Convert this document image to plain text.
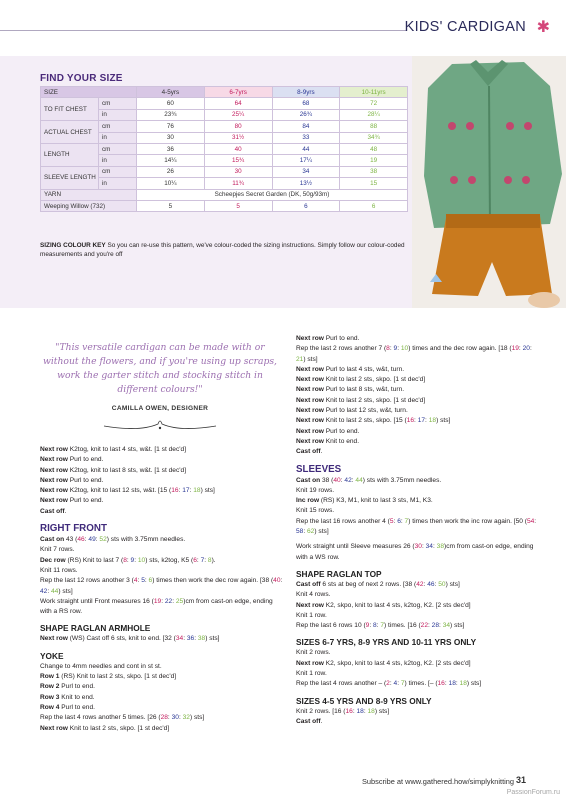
KIDS' CARDIGAN ✱
FIND YOUR SIZE
SIZE		4-5yrs	6-7yrs	8-9yrs	10-11yrs
TO FIT CHEST	cm	60	64	68	72
	in	23¾	25¼	26¾	28¼
ACTUAL CHEST	cm	76	80	84	88
	in	30	31½	33	34¾
LENGTH	cm	36	40	44	48
	in	14¼	15¾	17¼	19
SLEEVE LENGTH	cm	26	30	34	38
	in	10¼	11¾	13½	15
YARN		Scheepjes Secret Garden (DK, 50g/93m)			
Weeping Willow (732)		5	5	6	6
SIZING COLOUR KEY So you can re-use this pattern, we've colour-coded the sizing instructions. Simply follow our colour-coded measurements and you're off
"This versatile cardigan can be made with or without the flowers, and if you're using up scraps, work the garter stitch and stocking stitch in different colours!"
CAMILLA OWEN, DESIGNER

Next row K2tog, knit to last 4 sts, w&t. [1 st dec'd]

Next row Purl to end.

Next row K2tog, knit to last 8 sts, w&t. [1 st dec'd]

Next row Purl to end.

Next row K2tog, knit to last 12 sts, w&t. [15 (16: 17: 18) sts]

Next row Purl to end.

Cast off.

RIGHT FRONT

Cast on 43 (46: 49: 52) sts with 3.75mm needles.

Knit 7 rows.

Dec row (RS) Knit to last 7 (8: 9: 10) sts, k2tog, K5 (6: 7: 8).

Knit 11 rows.

Rep the last 12 rows another 3 (4: 5: 6) times then work the dec row again. [38 (40: 42: 44) sts]

Work straight until Front measures 16 (19: 22: 25)cm from cast-on edge, ending with a RS row.

SHAPE RAGLAN ARMHOLE

Next row (WS) Cast off 6 sts, knit to end. [32 (34: 36: 38) sts]

YOKE

Change to 4mm needles and cont in st st.

Row 1 (RS) Knit to last 2 sts, skpo. [1 st dec'd]

Row 2 Purl to end.

Row 3 Knit to end.

Row 4 Purl to end.

Rep the last 4 rows another 5 times. [26 (28: 30: 32) sts]

Next row Knit to last 2 sts, skpo. [1 st dec'd]

Next row Purl to end.

Rep the last 2 rows another 7 (8: 9: 10) times and the dec row again. [18 (19: 20: 21) sts]

Next row Purl to last 4 sts, w&t, turn.

Next row Knit to last 2 sts, skpo. [1 st dec'd]

Next row Purl to last 8 sts, w&t, turn.

Next row Knit to last 2 sts, skpo. [1 st dec'd]

Next row Purl to last 12 sts, w&t, turn.

Next row Knit to last 2 sts, skpo. [15 (16: 17: 18) sts]

Next row Purl to end.

Next row Knit to end.

Cast off.

SLEEVES

Cast on 38 (40: 42: 44) sts with 3.75mm needles.

Knit 19 rows.

Inc row (RS) K3, M1, knit to last 3 sts, M1, K3.

Knit 15 rows.

Rep the last 16 rows another 4 (5: 6: 7) times then work the inc row again. [50 (54: 58: 62) sts]

Work straight until Sleeve measures 26 (30: 34: 38)cm from cast-on edge, ending with a WS row.

SHAPE RAGLAN TOP

Cast off 6 sts at beg of next 2 rows. [38 (42: 46: 50) sts]

Knit 4 rows.

Next row K2, skpo, knit to last 4 sts, k2tog, K2. [2 sts dec'd]

Knit 1 row.

Rep the last 6 rows 10 (9: 8: 7) times. [16 (22: 28: 34) sts]

SIZES 6-7 YRS, 8-9 YRS AND 10-11 YRS ONLY

Knit 2 rows.

Next row K2, skpo, knit to last 4 sts, k2tog, K2. [2 sts dec'd]

Knit 1 row.

Rep the last 4 rows another – (2: 4: 7) times. [– (16: 18: 18) sts]

SIZES 4-5 YRS AND 8-9 YRS ONLY

Knit 2 rows. [16 (16: 18: 18) sts]

Cast off.

Subscribe at www.gathered.how/simplyknitting 31
PassionForum.ru
